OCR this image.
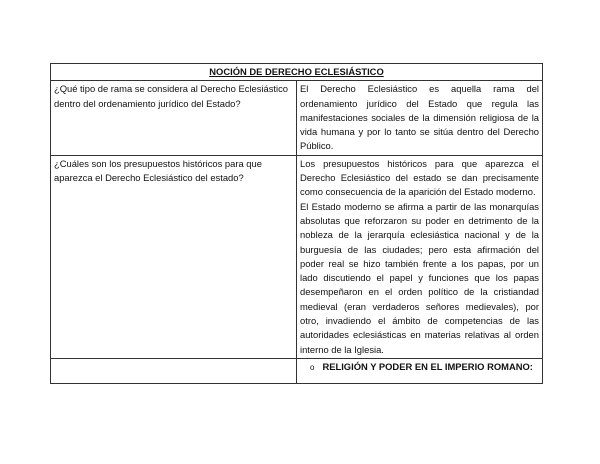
NOCIÓN DE DERECHO ECLESIÁSTICO	
¿Qué tipo de rama se considera al Derecho Eclesiástico dentro del ordenamiento jurídico del Estado?	El Derecho Eclesiástico es aquella rama del ordenamiento jurídico del Estado que regula las manifestaciones sociales de la dimensión religiosa de la vida humana y por lo tanto se sitúa dentro del Derecho Público.

¿Cuáles son los presupuestos históricos para que aparezca el Derecho Eclesiástico del estado?	Los presupuestos históricos para que aparezca el Derecho Eclesiástico del estado se dan precisamente como consecuencia de la aparición del Estado moderno.
El Estado moderno se afirma a partir de las monarquías absolutas que reforzaron su poder en detrimento de la nobleza de la jerarquía eclesiástica nacional y de la burguesía de las ciudades; pero esta afirmación del poder real se hizo también frente a los papas, por un lado discutiendo el papel y funciones que los papas desempeñaron en el orden político de la cristiandad medieval (eran verdaderos señores medievales), por otro, invadiendo el ámbito de competencias de las autoridades eclesiásticas en materias relativas al orden interno de la Iglesia.

	o RELIGIÓN Y PODER EN EL IMPERIO ROMANO:
